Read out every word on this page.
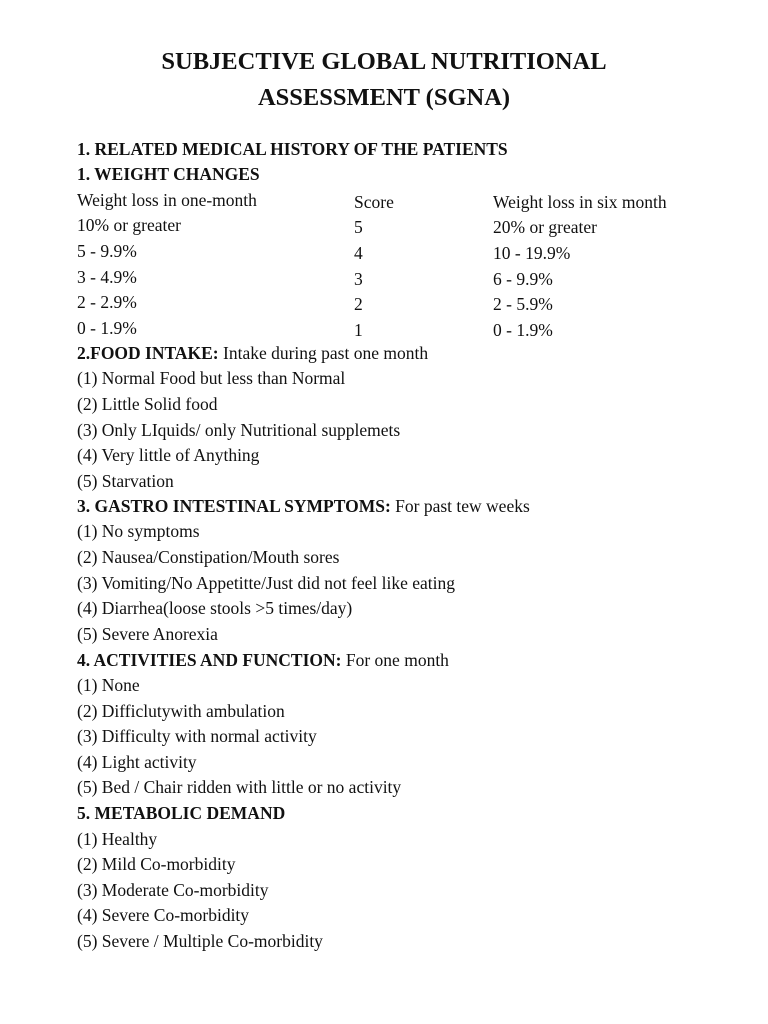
SUBJECTIVE GLOBAL NUTRITIONAL
ASSESSMENT (SGNA)
1. RELATED MEDICAL HISTORY OF THE PATIENTS
1. WEIGHT CHANGES
Weight loss in one-month	Score	Weight loss in six month
10% or greater	5	20% or greater
5 - 9.9%	4	10 - 19.9%
3 - 4.9%	3	6 - 9.9%
2 - 2.9%	2	2 - 5.9%
0 - 1.9%	1	0 - 1.9%
2.FOOD INTAKE: Intake during past one month
(1) Normal Food but less than Normal
(2) Little Solid food
(3) Only LIquids/ only Nutritional supplemets
(4) Very little of Anything
(5) Starvation
3. GASTRO INTESTINAL SYMPTOMS: For past tew weeks
(1) No symptoms
(2) Nausea/Constipation/Mouth sores
(3) Vomiting/No Appetitte/Just did not feel like eating
(4) Diarrhea(loose stools >5 times/day)
(5) Severe Anorexia
4. ACTIVITIES AND FUNCTION: For one month
(1) None
(2) Difficlutywith ambulation
(3) Difficulty with normal activity
(4) Light activity
(5) Bed / Chair ridden with little or no activity
5. METABOLIC DEMAND
(1) Healthy
(2) Mild Co-morbidity
(3) Moderate Co-morbidity
(4) Severe Co-morbidity
(5) Severe / Multiple Co-morbidity
